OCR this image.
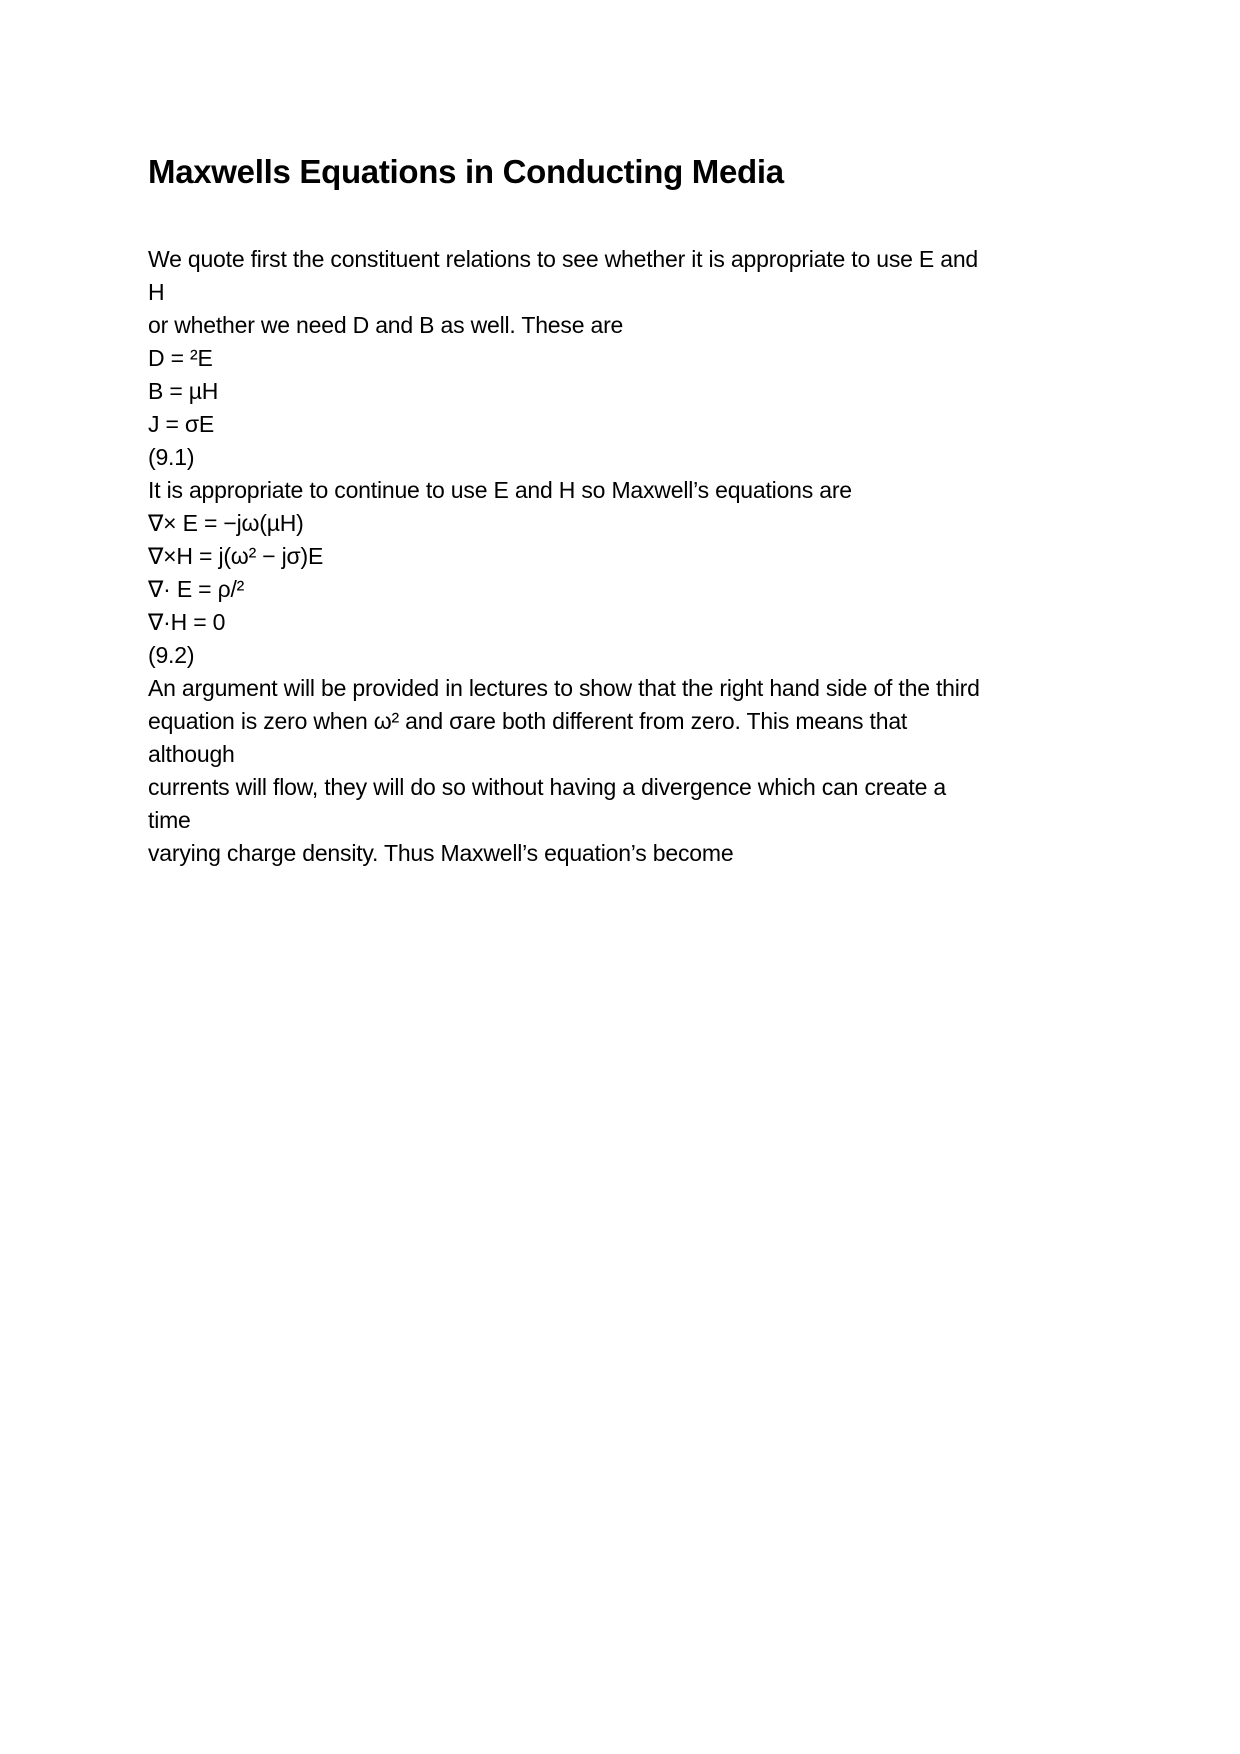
Maxwells Equations in Conducting Media
We quote first the constituent relations to see whether it is appropriate to use E and
H
or whether we need D and B as well. These are
D = ²E
B = µH
J = σE
(9.1)
It is appropriate to continue to use E and H so Maxwell’s equations are
∇× E = −jω(µH)
∇×H = j(ω² − jσ)E
∇· E = ρ/²
∇·H = 0
(9.2)
An argument will be provided in lectures to show that the right hand side of the third
equation is zero when ω² and σare both different from zero. This means that
although
currents will flow, they will do so without having a divergence which can create a
time
varying charge density. Thus Maxwell’s equation’s become
